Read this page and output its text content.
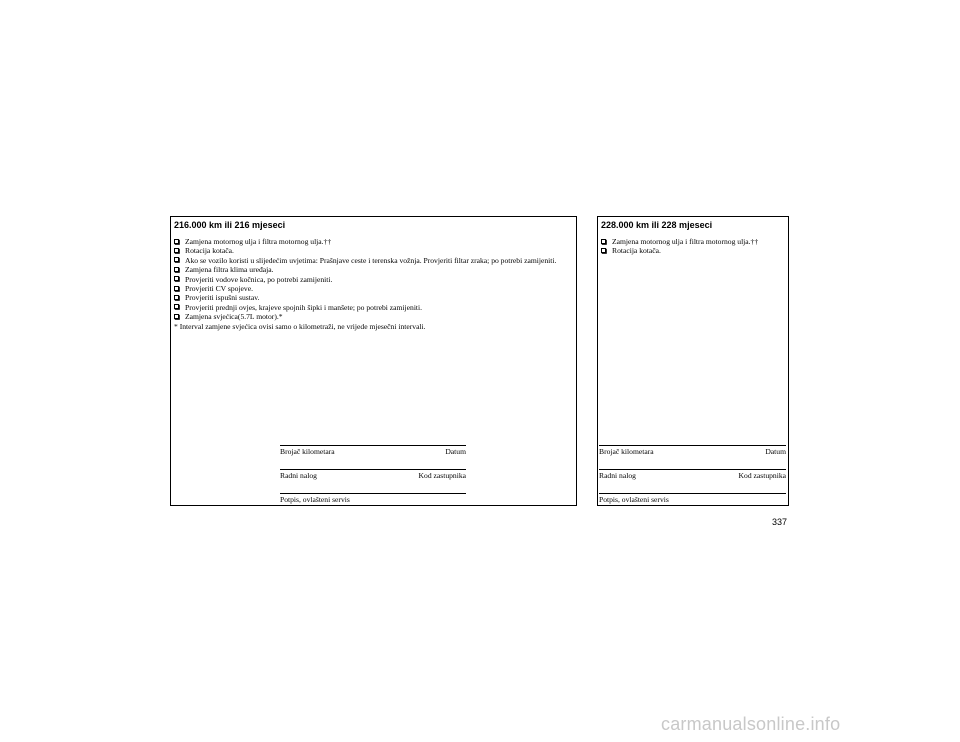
216.000 km ili 216 mjeseci
Zamjena motornog ulja i filtra motornog ulja.††
Rotacija kotača.
Ako se vozilo koristi u slijedećim uvjetima: Prašnjave ceste i terenska vožnja. Provjeriti filtar zraka; po potrebi zamijeniti.
Zamjena filtra klima uređaja.
Provjeriti vodove kočnica, po potrebi zamijeniti.
Provjeriti CV spojeve.
Provjeriti ispušni sustav.
Provjeriti prednji ovjes, krajeve spojnih šipki i manšete; po potrebi zamijeniti.
Zamjena svjećica(5.7L motor).*
* Interval zamjene svjećica ovisi samo o kilometraži, ne vrijede mjesečni intervali.
Brojač kilometara	Datum
Radni nalog	Kod zastupnika
Potpis, ovlašteni servis
228.000 km ili 228 mjeseci
Zamjena motornog ulja i filtra motornog ulja.††
Rotacija kotača.
Brojač kilometara	Datum
Radni nalog	Kod zastupnika
Potpis, ovlašteni servis
337
carmanualsonline.info
